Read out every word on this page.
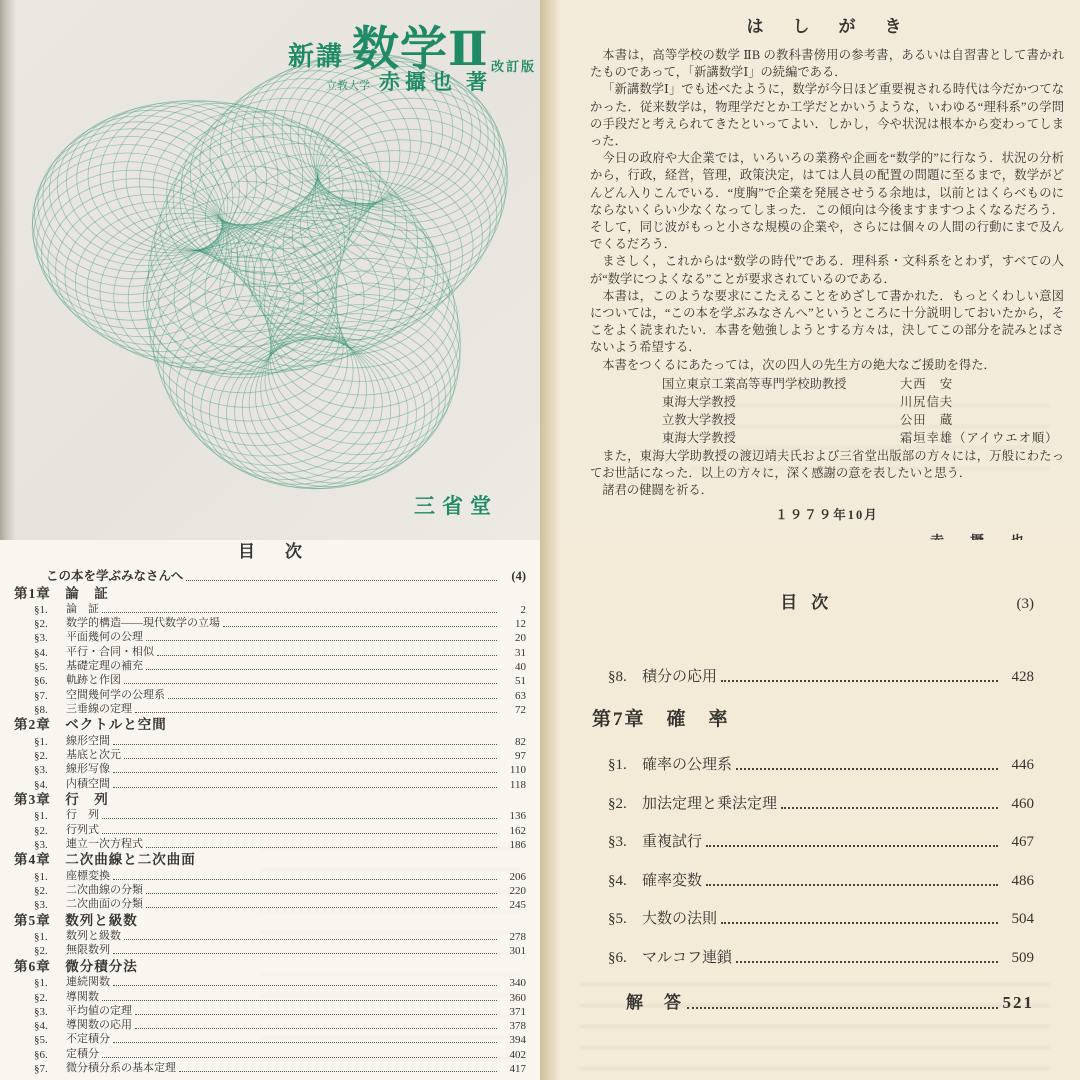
新講 数学Ⅱ 改訂版
立教大学 赤攝也 著
三省堂
は　し　が　き

本書は，高等学校の数学 ⅡB の教科書傍用の参考書，あるいは自習書として書かれたものであって，「新講数学Ⅰ」の続編である．

「新講数学Ⅰ」でも述べたように，数学が今日ほど重要視される時代は今だかつてなかった．従来数学は，物理学だとか工学だとかいうような，いわゆる“理科系”の学問の手段だと考えられてきたといってよい．しかし，今や状況は根本から変わってしまった．

今日の政府や大企業では，いろいろの業務や企画を“数学的”に行なう．状況の分析から，行政，経営，管理，政策決定，はては人員の配置の問題に至るまで，数学がどんどん入りこんでいる．“度胸”で企業を発展させうる余地は，以前とはくらべものにならないくらい少なくなってしまった．この傾向は今後ますますつよくなるだろう．そして，同じ波がもっと小さな規模の企業や，さらには個々の人間の行動にまで及んでくるだろう．

まさしく，これからは“数学の時代”である．理科系・文科系をとわず，すべての人が“数学につよくなる”ことが要求されているのである．

本書は，このような要求にこたえることをめざして書かれた．もっとくわしい意図については，“この本を学ぶみなさんへ”というところに十分説明しておいたから，そこをよく読まれたい．本書を勉強しようとする方々は，決してこの部分を読みとばさないよう希望する．

本書をつくるにあたっては，次の四人の先生方の絶大なご援助を得た．

国立東京工業高等専門学校助教授	大西　安
東海大学教授	川尻信夫
立教大学教授	公田　蔵
東海大学教授	霜垣幸雄（アイウエオ順）

また，東海大学助教授の渡辺靖夫氏および三省堂出版部の方々には，万般にわたってお世話になった．以上の方々に，深く感謝の意を表したいと思う．

諸君の健闘を祈る．

１９７９年10月
目次
この本を学ぶみなさんへ	(4)
第1章　論　証
§1.	論　証	2
§2.	数学的構造——現代数学の立場	12
§3.	平面幾何の公理	20
§4.	平行・合同・相似	31
§5.	基礎定理の補充	40
§6.	軌跡と作図	51
§7.	空間幾何学の公理系	63
§8.	三垂線の定理	72
第2章　ベクトルと空間
§1.	線形空間	82
§2.	基底と次元	97
§3.	線形写像	110
§4.	内積空間	118
第3章　行　列
§1.	行　列	136
§2.	行列式	162
§3.	連立一次方程式	186
第4章　二次曲線と二次曲面
§1.	座標変換	206
§2.	二次曲線の分類	220
§3.	二次曲面の分類	245
第5章　数列と級数
§1.	数列と級数	278
§2.	無限数列	301
第6章　微分積分法
§1.	連続関数	340
§2.	導関数	360
§3.	平均値の定理	371
§4.	導関数の応用	378
§5.	不定積分	394
§6.	定積分	402
§7.	微分積分系の基本定理	417
目次	(3)
§8.	積分の応用	428
第7章　確　率
§1.	確率の公理系	446
§2.	加法定理と乗法定理	460
§3.	重複試行	467
§4.	確率変数	486
§5.	大数の法則	504
§6.	マルコフ連鎖	509
解　答	521
